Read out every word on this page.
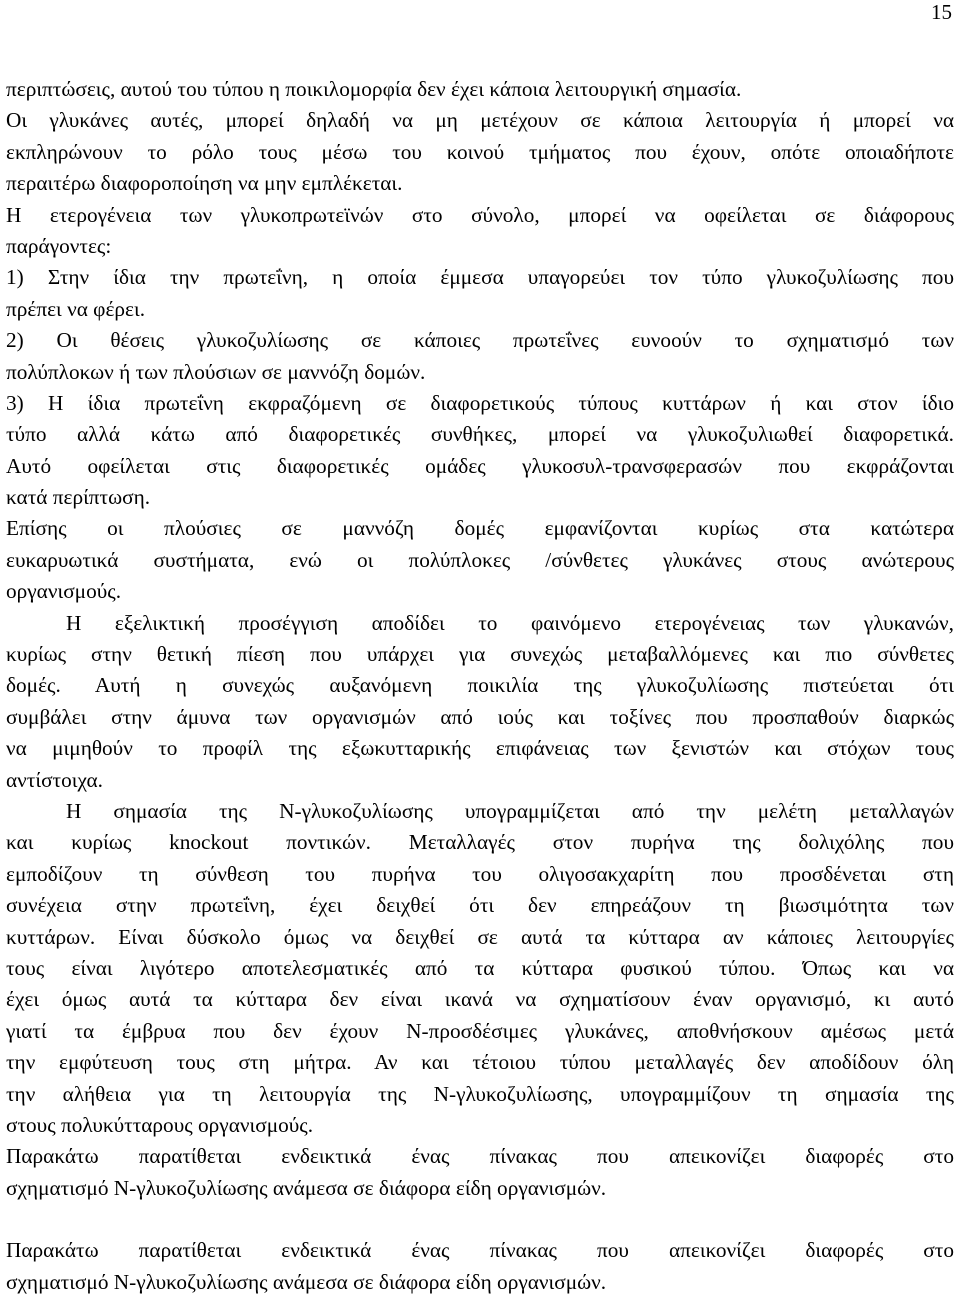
15
περιπτώσεις, αυτού του τύπου η ποικιλομορφία δεν έχει κάποια λειτουργική σημασία.
Οι γλυκάνες αυτές, μπορεί δηλαδή να μη μετέχουν σε κάποια λειτουργία ή μπορεί να
εκπληρώνουν το ρόλο τους μέσω του κοινού τμήματος που έχουν, οπότε οποιαδήποτε
περαιτέρω διαφοροποίηση να μην εμπλέκεται.
Η ετερογένεια των γλυκοπρωτεϊνών στο σύνολο, μπορεί να οφείλεται σε διάφορους
παράγοντες:
1) Στην ίδια την πρωτεΐνη, η οποία έμμεσα υπαγορεύει τον τύπο γλυκοζυλίωσης που
πρέπει να φέρει.
2) Οι θέσεις γλυκοζυλίωσης σε κάποιες πρωτεΐνες ευνοούν το σχηματισμό των
πολύπλοκων ή των πλούσιων σε μαννόζη δομών.
3) Η ίδια πρωτεΐνη εκφραζόμενη σε διαφορετικούς τύπους κυττάρων ή και στον ίδιο
τύπο αλλά κάτω από διαφορετικές συνθήκες, μπορεί να γλυκοζυλιωθεί διαφορετικά.
Αυτό οφείλεται στις διαφορετικές ομάδες γλυκοσυλ-τρανσφερασών που εκφράζονται
κατά περίπτωση.
Επίσης οι πλούσιες σε μαννόζη δομές εμφανίζονται κυρίως στα κατώτερα
ευκαρυωτικά συστήματα, ενώ οι πολύπλοκες /σύνθετες γλυκάνες στους ανώτερους
οργανισμούς.
Η εξελικτική προσέγγιση αποδίδει το φαινόμενο ετερογένειας των γλυκανών,
κυρίως στην θετική πίεση που υπάρχει για συνεχώς μεταβαλλόμενες και πιο σύνθετες
δομές. Αυτή η συνεχώς αυξανόμενη ποικιλία της γλυκοζυλίωσης πιστεύεται ότι
συμβάλει στην άμυνα των οργανισμών από ιούς και τοξίνες που προσπαθούν διαρκώς
να μιμηθούν το προφίλ της εξωκυτταρικής επιφάνειας των ξενιστών και στόχων τους
αντίστοιχα.
Η σημασία της Ν-γλυκοζυλίωσης υπογραμμίζεται από την μελέτη μεταλλαγών
και κυρίως knockout ποντικών. Μεταλλαγές στον πυρήνα της δολιχόλης που
εμποδίζουν τη σύνθεση του πυρήνα του ολιγοσακχαρίτη που προσδένεται στη
συνέχεια στην πρωτεΐνη, έχει δειχθεί ότι δεν επηρεάζουν τη βιωσιμότητα των
κυττάρων. Είναι δύσκολο όμως να δειχθεί σε αυτά τα κύτταρα αν κάποιες λειτουργίες
τους είναι λιγότερο αποτελεσματικές από τα κύτταρα φυσικού τύπου. Όπως και να
έχει όμως αυτά τα κύτταρα δεν είναι ικανά να σχηματίσουν έναν οργανισμό, κι αυτό
γιατί τα έμβρυα που δεν έχουν Ν-προσδέσιμες γλυκάνες, αποθνήσκουν αμέσως μετά
την εμφύτευση τους στη μήτρα. Αν και τέτοιου τύπου μεταλλαγές δεν αποδίδουν όλη
την αλήθεια για τη λειτουργία της Ν-γλυκοζυλίωσης, υπογραμμίζουν τη σημασία της
στους πολυκύτταρους οργανισμούς.
Παρακάτω παρατίθεται ενδεικτικά ένας πίνακας που απεικονίζει διαφορές στο
σχηματισμό Ν-γλυκοζυλίωσης ανάμεσα σε διάφορα είδη οργανισμών.
Παρακάτω παρατίθεται ενδεικτικά ένας πίνακας που απεικονίζει διαφορές στο
σχηματισμό Ν-γλυκοζυλίωσης ανάμεσα σε διάφορα είδη οργανισμών.
